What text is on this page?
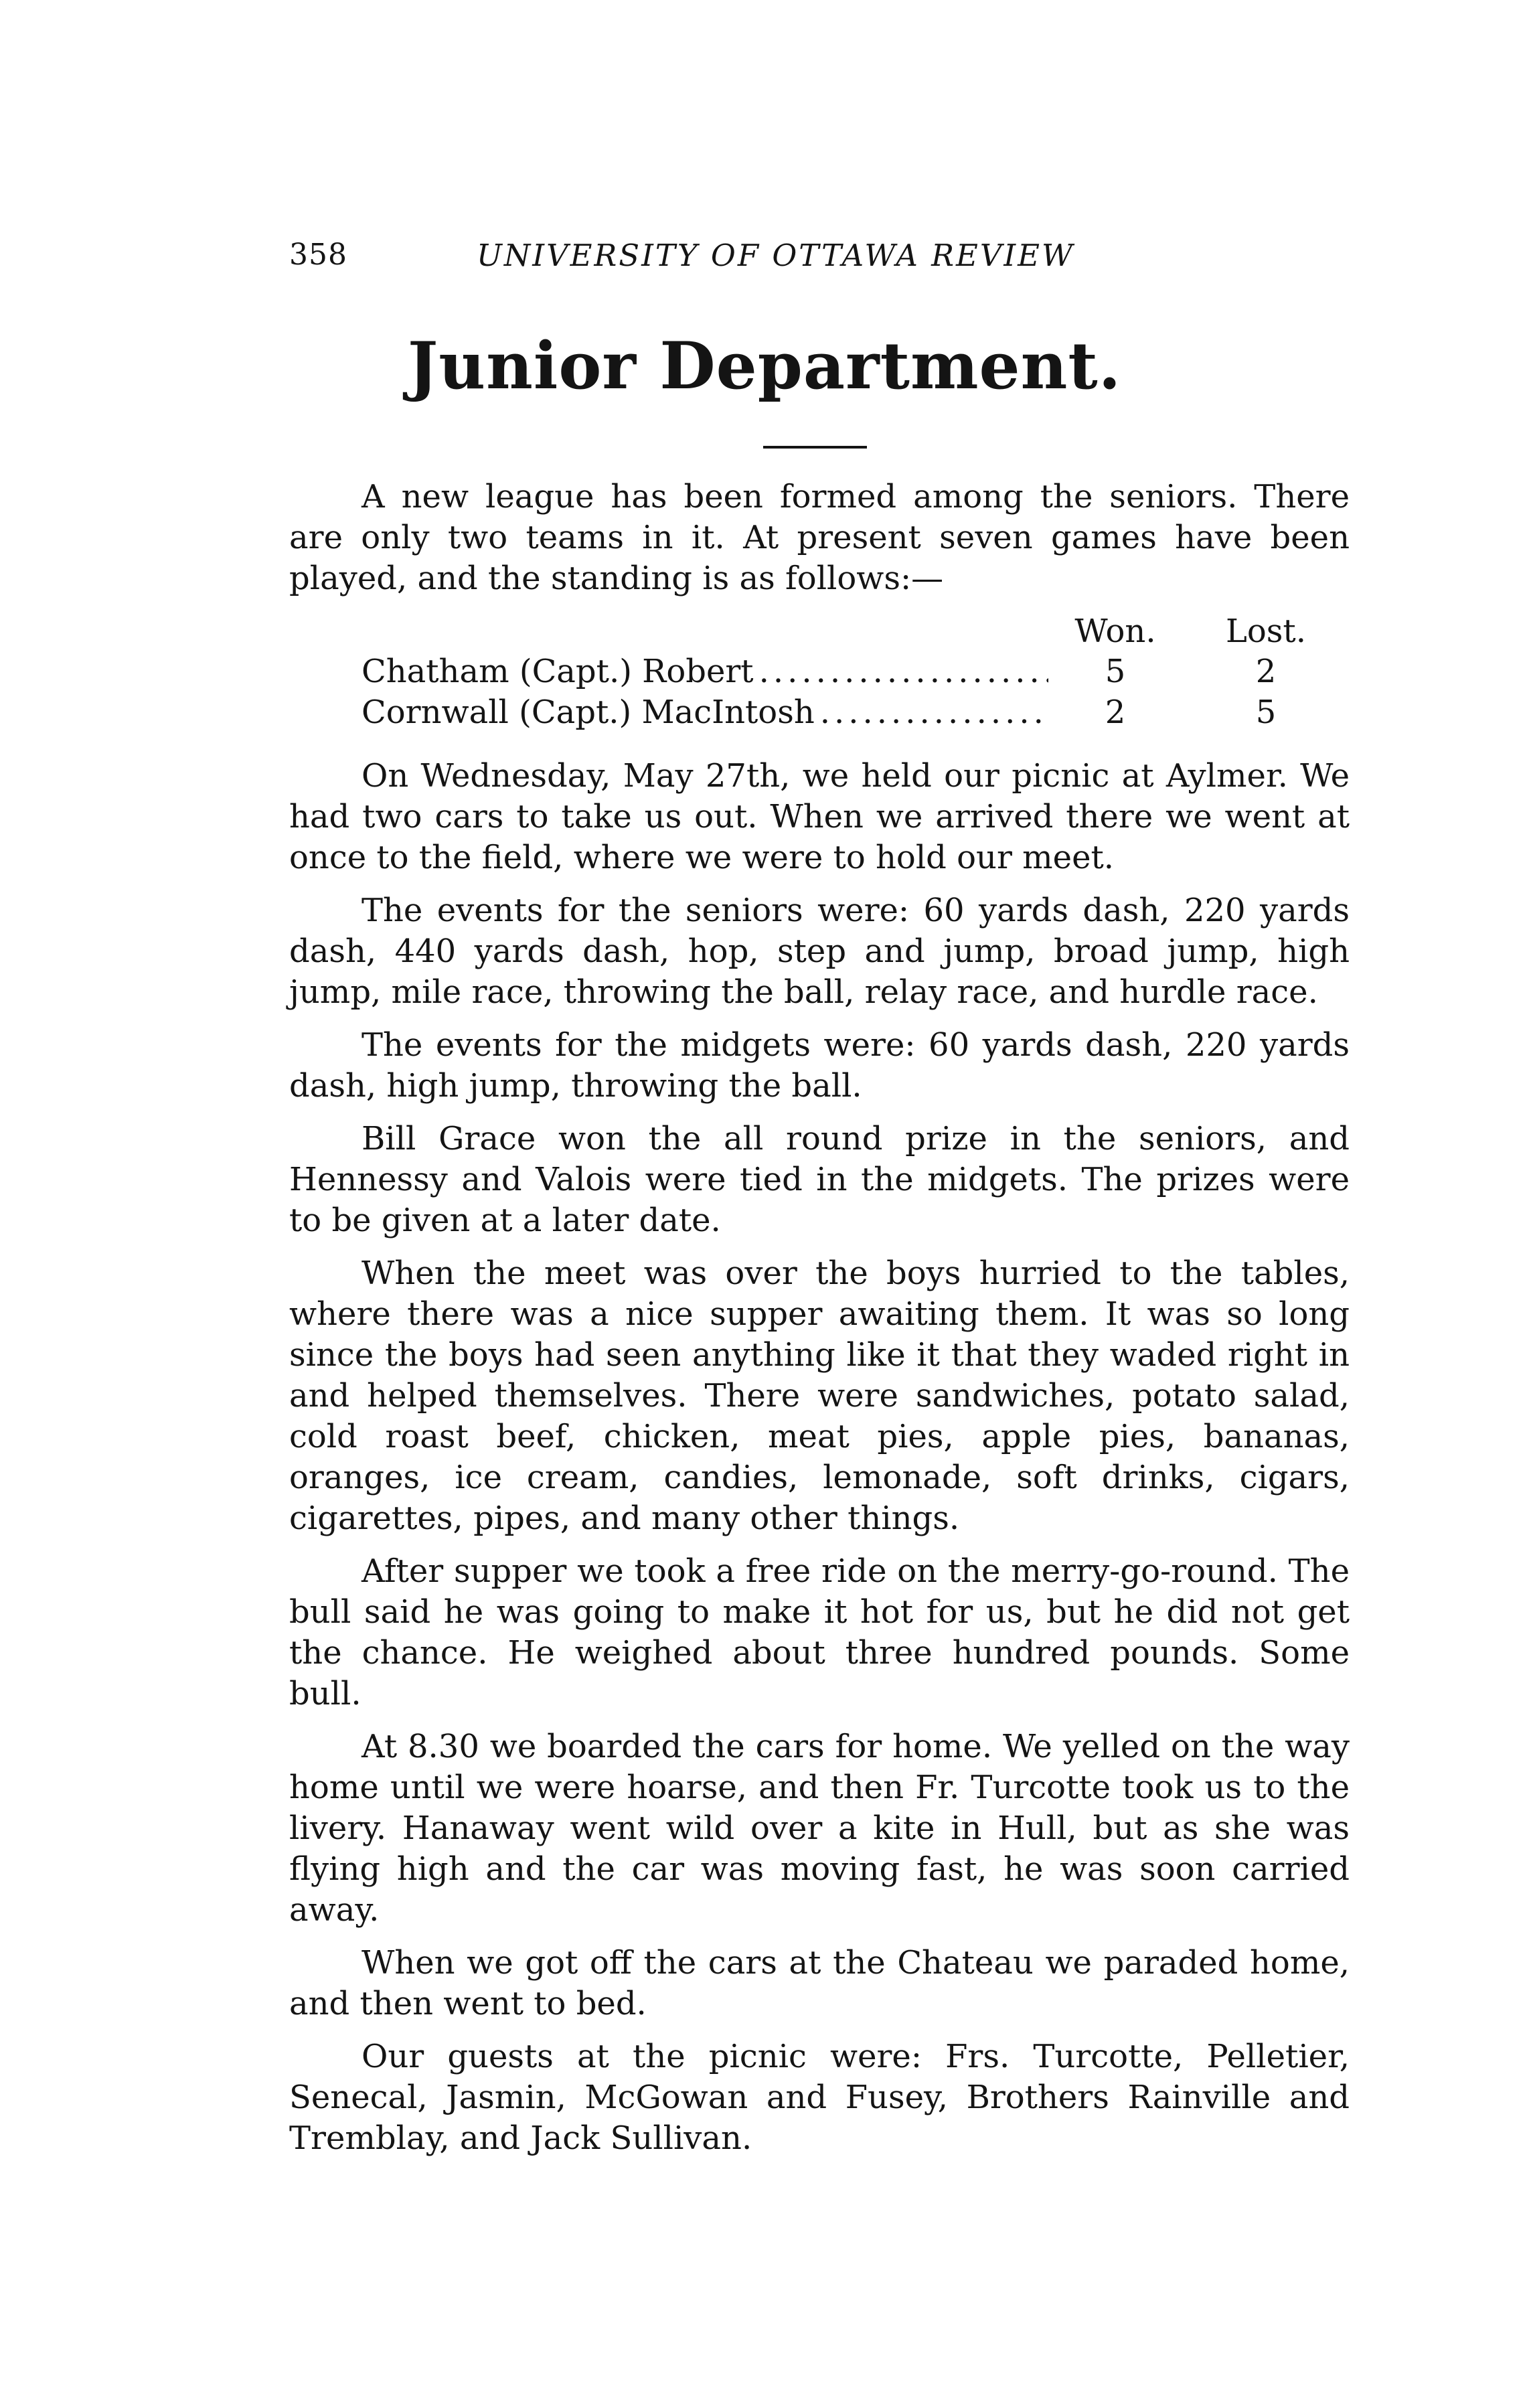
358	UNIVERSITY OF OTTAWA REVIEW
Junior Department.

A new league has been formed among the seniors. There are only two teams in it. At present seven games have been played, and the standing is as follows:—

Won.	Lost.
Chatham (Capt.) Robert .....	5	2
Cornwall (Capt.) MacIntosh .....	2	5

On Wednesday, May 27th, we held our picnic at Aylmer. We had two cars to take us out. When we arrived there we went at once to the field, where we were to hold our meet.

The events for the seniors were: 60 yards dash, 220 yards dash, 440 yards dash, hop, step and jump, broad jump, high jump, mile race, throwing the ball, relay race, and hurdle race.

The events for the midgets were: 60 yards dash, 220 yards dash, high jump, throwing the ball.

Bill Grace won the all round prize in the seniors, and Hennessy and Valois were tied in the midgets. The prizes were to be given at a later date.

When the meet was over the boys hurried to the tables, where there was a nice supper awaiting them. It was so long since the boys had seen anything like it that they waded right in and helped themselves. There were sandwiches, potato salad, cold roast beef, chicken, meat pies, apple pies, bananas, oranges, ice cream, candies, lemonade, soft drinks, cigars, cigarettes, pipes, and many other things.

After supper we took a free ride on the merry-go-round. The bull said he was going to make it hot for us, but he did not get the chance. He weighed about three hundred pounds. Some bull.

At 8.30 we boarded the cars for home. We yelled on the way home until we were hoarse, and then Fr. Turcotte took us to the livery. Hanaway went wild over a kite in Hull, but as she was flying high and the car was moving fast, he was soon carried away.

When we got off the cars at the Chateau we paraded home, and then went to bed.

Our guests at the picnic were: Frs. Turcotte, Pelletier, Senecal, Jasmin, McGowan and Fusey, Brothers Rainville and Tremblay, and Jack Sullivan.
